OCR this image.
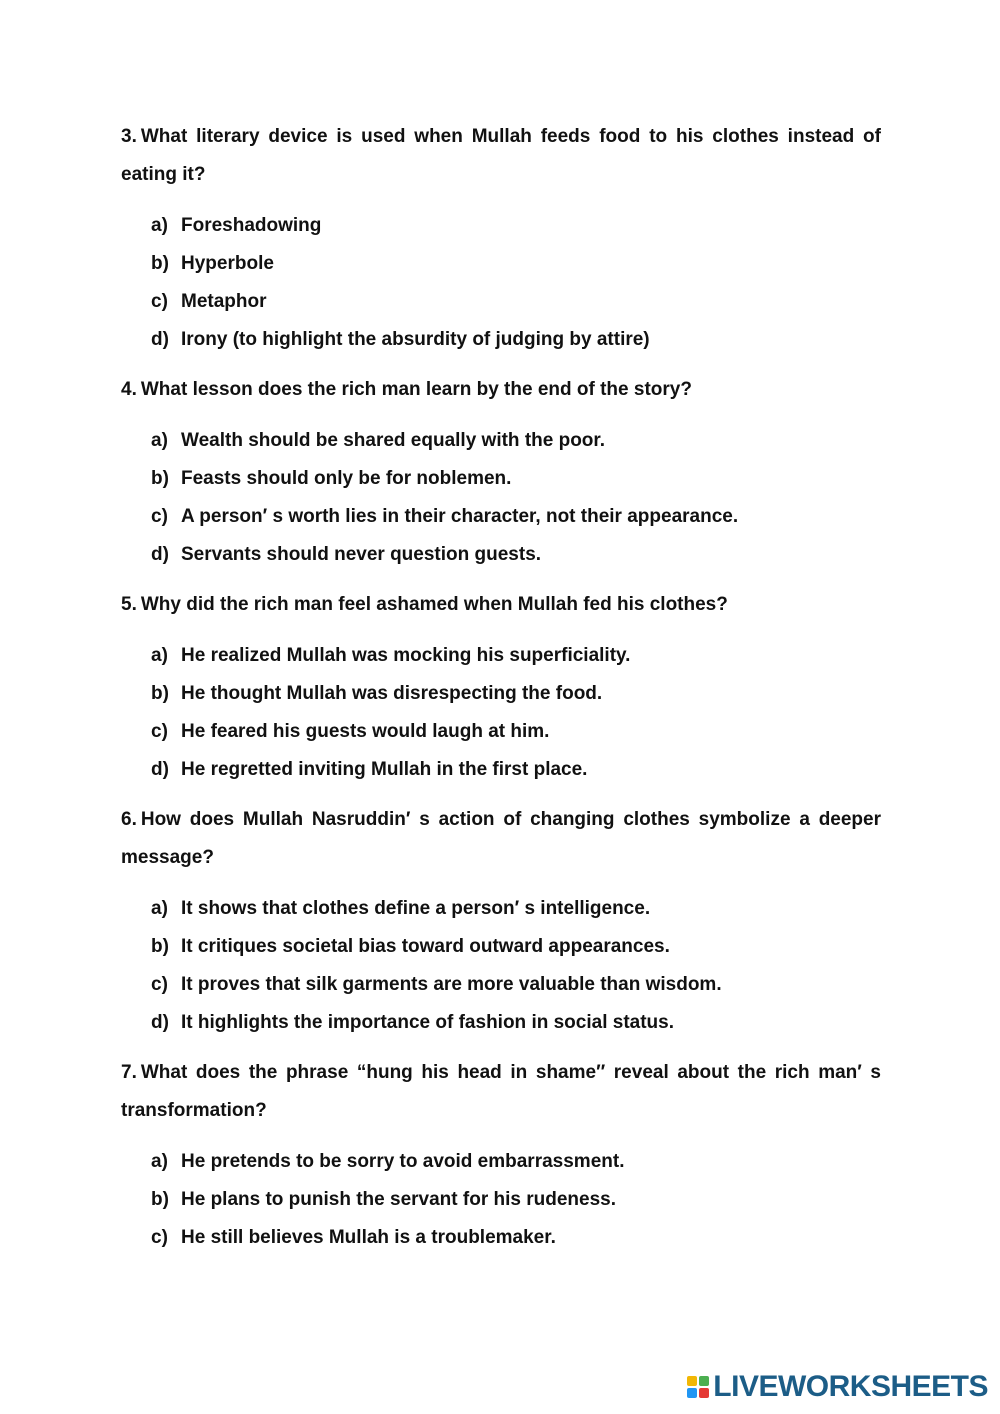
3. What literary device is used when Mullah feeds food to his clothes instead of eating it?

a) Foreshadowing
b) Hyperbole
c) Metaphor
d) Irony (to highlight the absurdity of judging by attire)

4. What lesson does the rich man learn by the end of the story?

a) Wealth should be shared equally with the poor.
b) Feasts should only be for noblemen.
c) A person′ s worth lies in their character, not their appearance.
d) Servants should never question guests.

5. Why did the rich man feel ashamed when Mullah fed his clothes?

a) He realized Mullah was mocking his superficiality.
b) He thought Mullah was disrespecting the food.
c) He feared his guests would laugh at him.
d) He regretted inviting Mullah in the first place.

6. How does Mullah Nasruddin′ s action of changing clothes symbolize a deeper message?

a) It shows that clothes define a person′ s intelligence.
b) It critiques societal bias toward outward appearances.
c) It proves that silk garments are more valuable than wisdom.
d) It highlights the importance of fashion in social status.

7. What does the phrase “hung his head in shame″ reveal about the rich man′ s transformation?

a) He pretends to be sorry to avoid embarrassment.
b) He plans to punish the servant for his rudeness.
c) He still believes Mullah is a troublemaker.
LIVEWORKSHEETS
